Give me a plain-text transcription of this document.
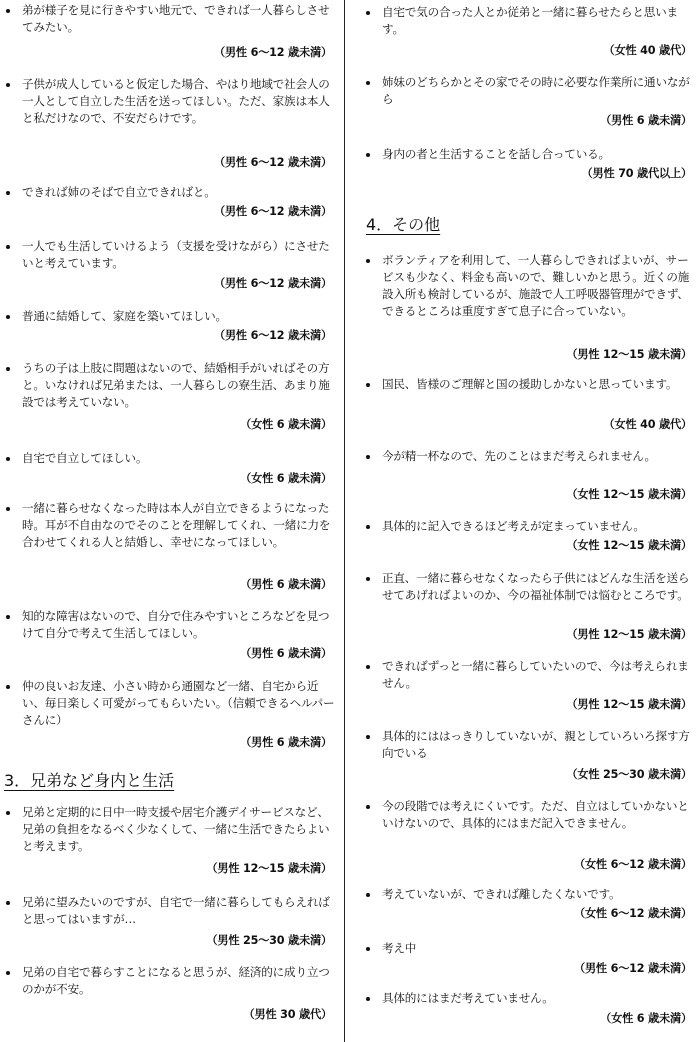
弟が様子を見に行きやすい地元で、できれば一人暮らしさせてみたい。
（男性 6～12 歳未満）
子供が成人していると仮定した場合、やはり地域で社会人の一人として自立した生活を送ってほしい。ただ、家族は本人と私だけなので、不安だらけです。
（男性 6～12 歳未満）
できれば姉のそばで自立できればと。
（男性 6～12 歳未満）
一人でも生活していけるよう（支援を受けながら）にさせたいと考えています。
（男性 6～12 歳未満）
普通に結婚して、家庭を築いてほしい。
（男性 6～12 歳未満）
うちの子は上肢に問題はないので、結婚相手がいればその方と。いなければ兄弟または、一人暮らしの寮生活、あまり施設では考えていない。
（女性 6 歳未満）
自宅で自立してほしい。
（女性 6 歳未満）
一緒に暮らせなくなった時は本人が自立できるようになった時。耳が不自由なのでそのことを理解してくれ、一緒に力を合わせてくれる人と結婚し、幸せになってほしい。
（男性 6 歳未満）
知的な障害はないので、自分で住みやすいところなどを見つけて自分で考えて生活してほしい。
（男性 6 歳未満）
仲の良いお友達、小さい時から通園など一緒、自宅から近い、毎日楽しく可愛がってもらいたい。（信頼できるヘルパーさんに）
（男性 6 歳未満）
3．兄弟など身内と生活
兄弟と定期的に日中一時支援や居宅介護デイサービスなど、兄弟の負担をなるべく少なくして、一緒に生活できたらよいと考えます。
（男性 12～15 歳未満）
兄弟に望みたいのですが、自宅で一緒に暮らしてもらえればと思ってはいますが…
（男性 25～30 歳未満）
兄弟の自宅で暮らすことになると思うが、経済的に成り立つのかが不安。
（男性 30 歳代）
自宅で気の合った人とか従弟と一緒に暮らせたらと思います。
（女性 40 歳代）
姉妹のどちらかとその家でその時に必要な作業所に通いながら
（男性 6 歳未満）
身内の者と生活することを話し合っている。
（男性 70 歳代以上）
4．その他
ボランティアを利用して、一人暮らしできればよいが、サービスも少なく、料金も高いので、難しいかと思う。近くの施設入所も検討しているが、施設で人工呼吸器管理ができず、できるところは重度すぎて息子に合っていない。
（男性 12～15 歳未満）
国民、皆様のご理解と国の援助しかないと思っています。
（女性 40 歳代）
今が精一杯なので、先のことはまだ考えられません。
（女性 12～15 歳未満）
具体的に記入できるほど考えが定まっていません。
（女性 12～15 歳未満）
正直、一緒に暮らせなくなったら子供にはどんな生活を送らせてあげればよいのか、今の福祉体制では悩むところです。
（男性 12～15 歳未満）
できればずっと一緒に暮らしていたいので、今は考えられません。
（男性 12～15 歳未満）
具体的にははっきりしていないが、親としていろいろ探す方向でいる
（女性 25～30 歳未満）
今の段階では考えにくいです。ただ、自立はしていかないといけないので、具体的にはまだ記入できません。
（女性 6～12 歳未満）
考えていないが、できれば離したくないです。
（女性 6～12 歳未満）
考え中
（男性 6～12 歳未満）
具体的にはまだ考えていません。
（女性 6 歳未満）
